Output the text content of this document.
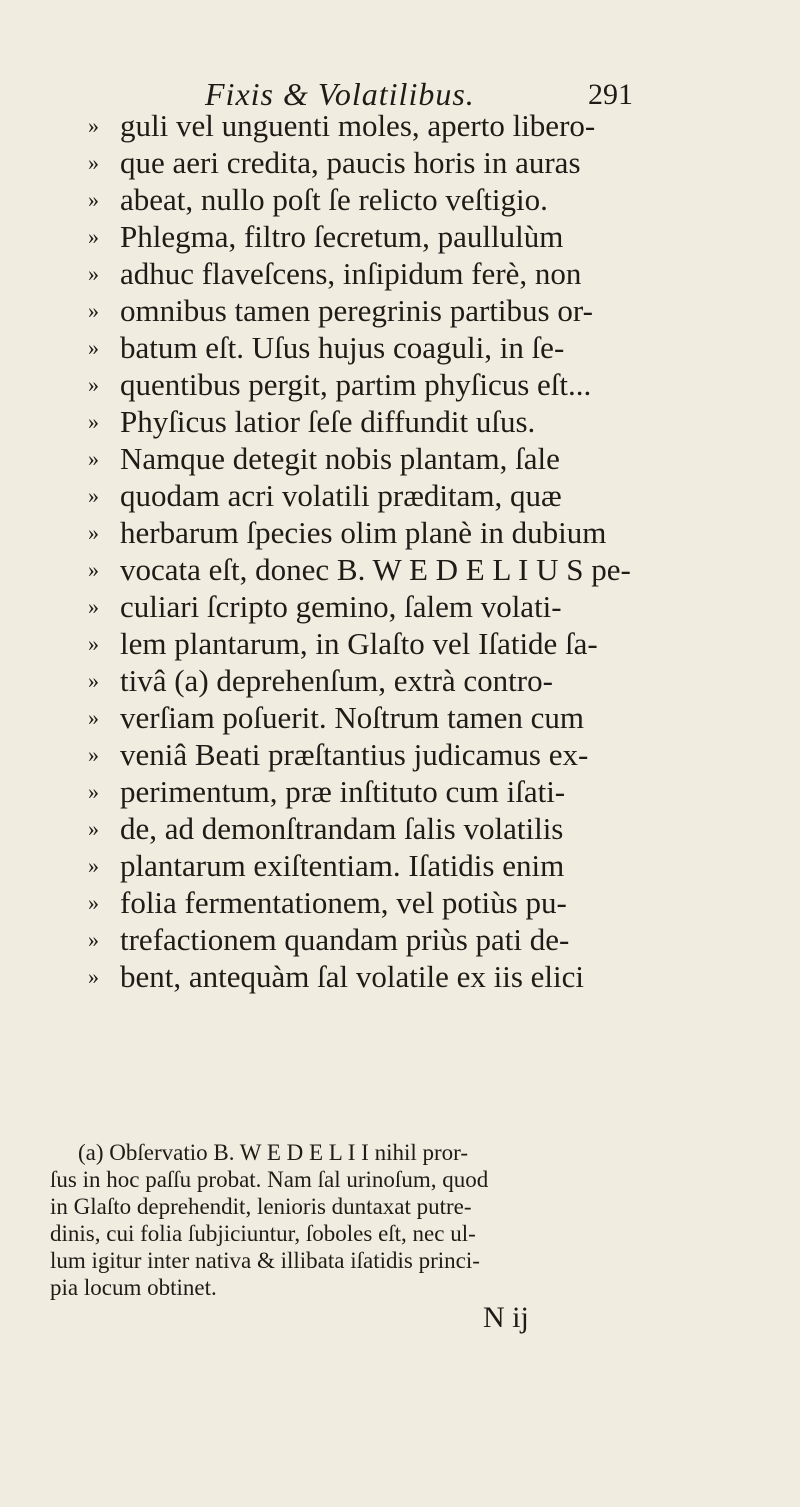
Fixis & Volatilibus.	291
» guli vel unguenti moles, aperto libero-
» que aeri credita, paucis horis in auras
» abeat, nullo poſt ſe relicto veſtigio.
» Phlegma, filtro ſecretum, paullulùm
» adhuc flaveſcens, inſipidum ferè, non
» omnibus tamen peregrinis partibus or-
» batum eſt. Uſus hujus coaguli, in ſe-
» quentibus pergit, partim phyſicus eſt...
» Phyſicus latior ſeſe diffundit uſus.
» Namque detegit nobis plantam, ſale
» quodam acri volatili præditam, quæ
» herbarum ſpecies olim planè in dubium
» vocata eſt, donec B. W E D E L I U S pe-
» culiari ſcripto gemino, ſalem volati-
» lem plantarum, in Glaſto vel Iſatide ſa-
» tivâ (a) deprehenſum, extrà contro-
» verſiam poſuerit. Noſtrum tamen cum
» veniâ Beati præſtantius judicamus ex-
» perimentum, præ inſtituto cum iſati-
» de, ad demonſtrandam ſalis volatilis
» plantarum exiſtentiam. Iſatidis enim
» folia fermentationem, vel potiùs pu-
» trefactionem quandam priùs pati de-
» bent, antequàm ſal volatile ex iis elici
(a) Obſervatio B. W E D E L I I nihil pror-
ſus in hoc paſſu probat. Nam ſal urinoſum, quod
in Glaſto deprehendit, lenioris duntaxat putre-
dinis, cui folia ſubjiciuntur, ſoboles eſt, nec ul-
lum igitur inter nativa & illibata iſatidis princi-
pia locum obtinet.
N ij
